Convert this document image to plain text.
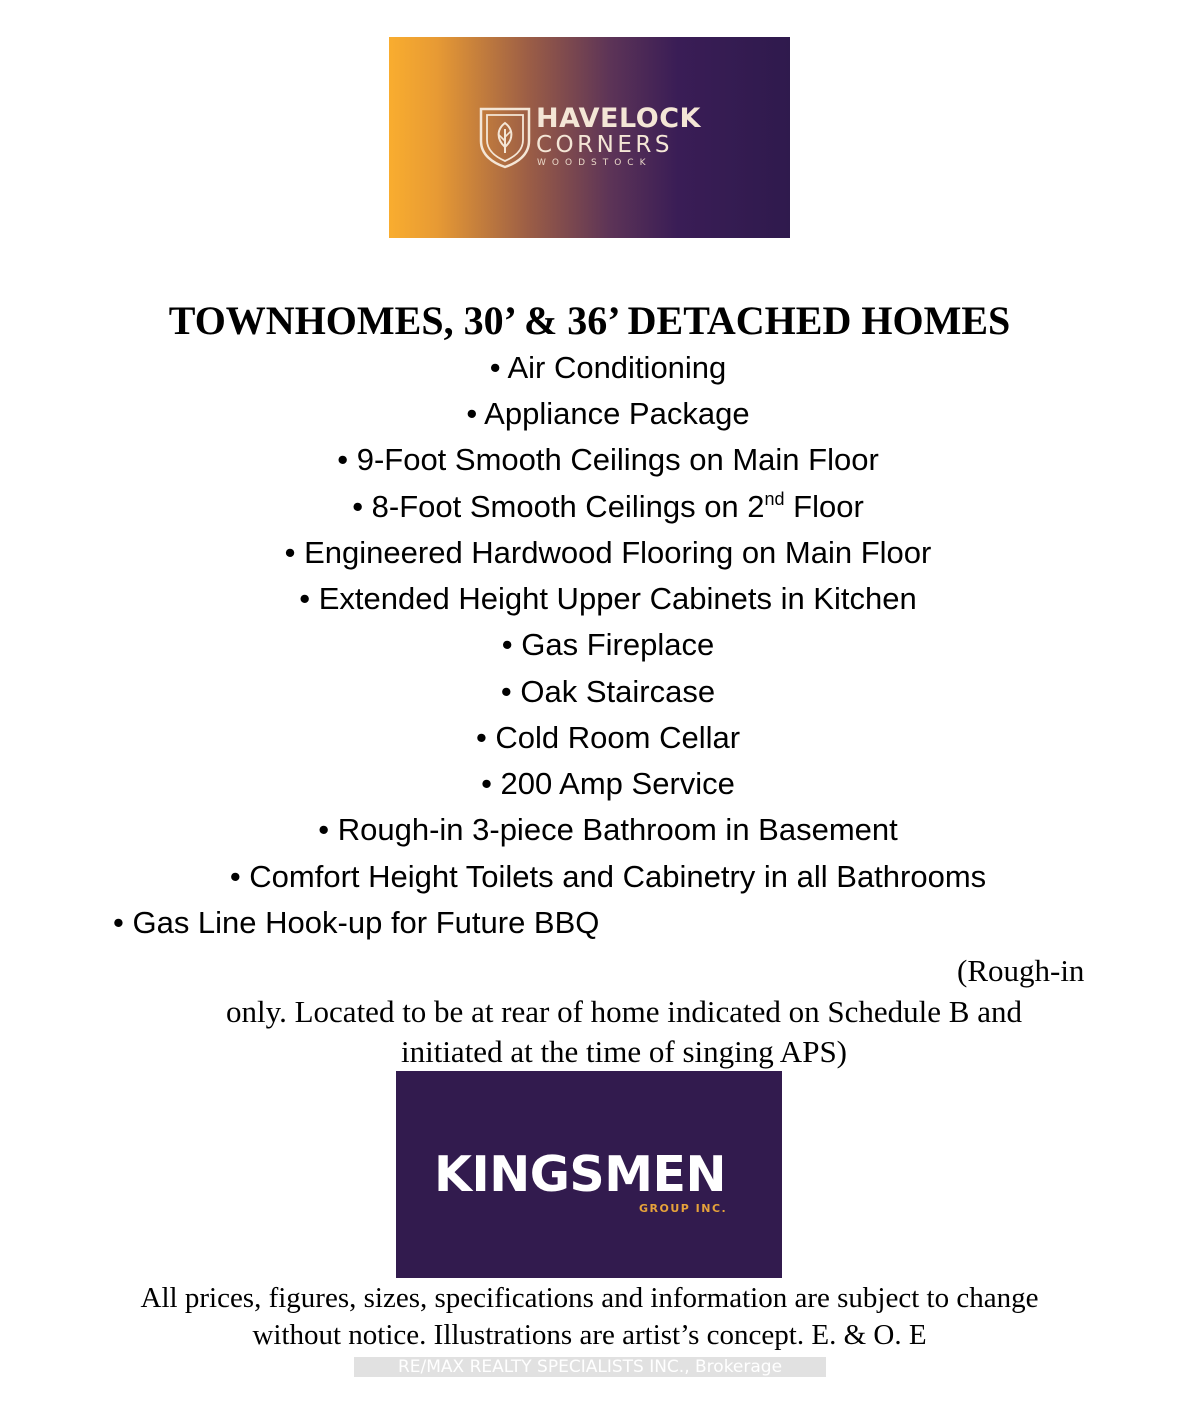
HAVELOCK
CORNERS
WOODSTOCK
TOWNHOMES, 30’ & 36’ DETACHED HOMES
• Air Conditioning
• Appliance Package
• 9-Foot Smooth Ceilings on Main Floor
• 8-Foot Smooth Ceilings on 2nd Floor
• Engineered Hardwood Flooring on Main Floor
• Extended Height Upper Cabinets in Kitchen
• Gas Fireplace
• Oak Staircase
• Cold Room Cellar
• 200 Amp Service
• Rough-in 3-piece Bathroom in Basement
• Comfort Height Toilets and Cabinetry in all Bathrooms
• Gas Line Hook-up for Future BBQ
(Rough-in
only. Located to be at rear of home indicated on Schedule B and
initiated at the time of singing APS)
KINGSMEN
GROUP INC.
All prices, figures, sizes, specifications and information are subject to change
without notice. Illustrations are artist’s concept. E. & O. E
RE/MAX REALTY SPECIALISTS INC., Brokerage
